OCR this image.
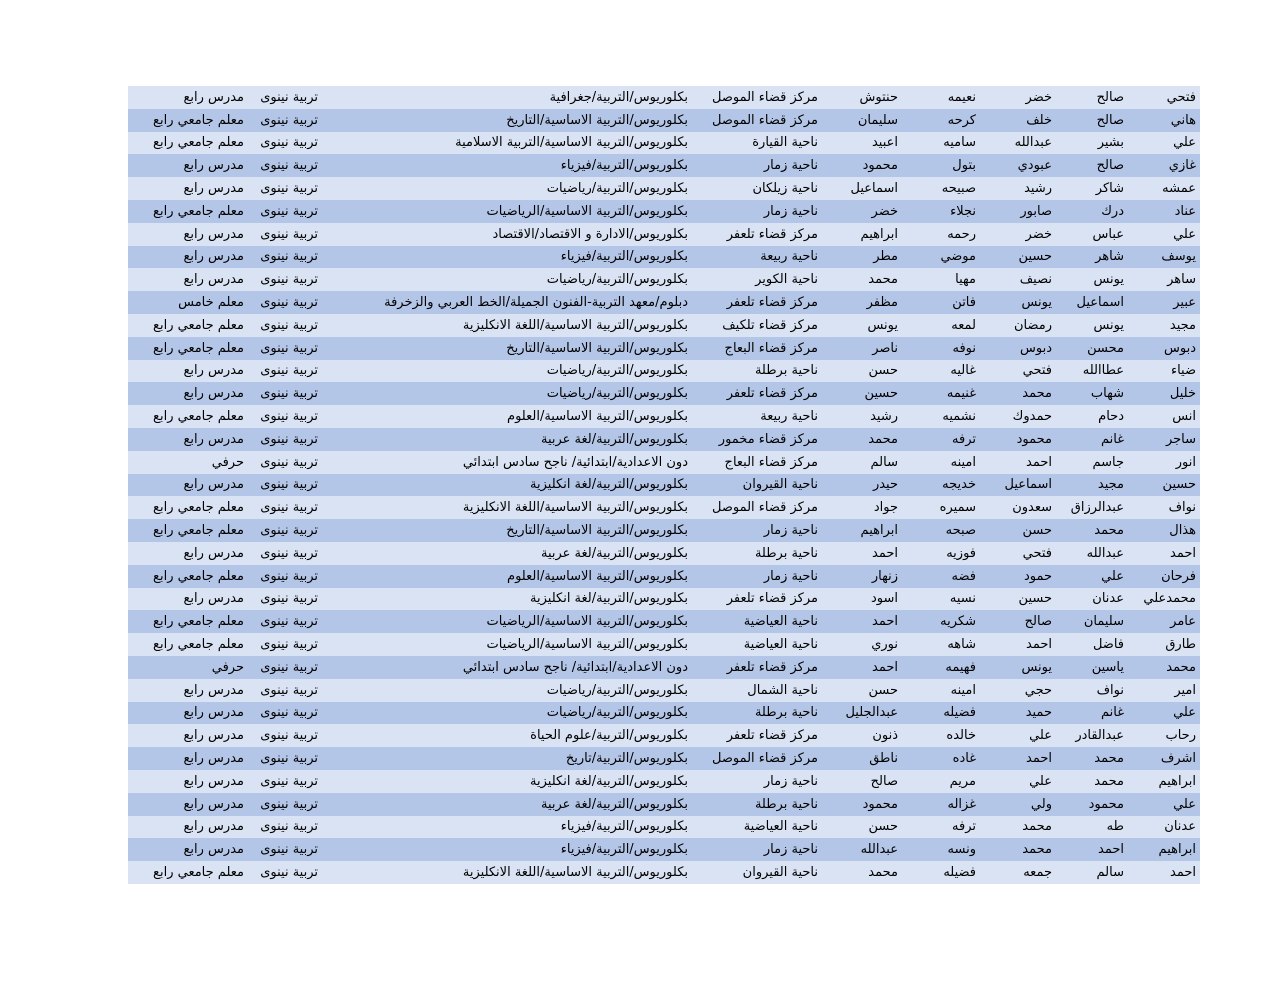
فتحي	صالح	خضر	نعيمه	حنتوش	مركز قضاء الموصل	بكلوريوس/التربية/جغرافية	تربية نينوى	مدرس رابع
هاني	صالح	خلف	كرحه	سليمان	مركز قضاء الموصل	بكلوريوس/التربية الاساسية/التاريخ	تربية نينوى	معلم جامعي رابع
علي	بشير	عبدالله	ساميه	اعبيد	ناحية القيارة	بكلوريوس/التربية الاساسية/التربية الاسلامية	تربية نينوى	معلم جامعي رابع
غازي	صالح	عبودي	بتول	محمود	ناحية زمار	بكلوريوس/التربية/فيزياء	تربية نينوى	مدرس رابع
عمشه	شاكر	رشيد	صبيحه	اسماعيل	ناحية زيلكان	بكلوريوس/التربية/رياضيات	تربية نينوى	مدرس رابع
عناد	درك	صابور	نجلاء	خضر	ناحية زمار	بكلوريوس/التربية الاساسية/الرياضيات	تربية نينوى	معلم جامعي رابع
علي	عباس	خضر	رحمه	ابراهيم	مركز قضاء تلعفر	بكلوريوس/الادارة و الاقتصاد/الاقتصاد	تربية نينوى	مدرس رابع
يوسف	شاهر	حسين	موضي	مطر	ناحية ربيعة	بكلوريوس/التربية/فيزياء	تربية نينوى	مدرس رابع
ساهر	يونس	نصيف	مهيا	محمد	ناحية الكوير	بكلوريوس/التربية/رياضيات	تربية نينوى	مدرس رابع
عبير	اسماعيل	يونس	فاتن	مظفر	مركز قضاء تلعفر	دبلوم/معهد التربية-الفنون الجميلة/الخط العربي والزخرفة	تربية نينوى	معلم خامس
مجيد	يونس	رمضان	لمعه	يونس	مركز قضاء تلكيف	بكلوريوس/التربية الاساسية/اللغة الانكليزية	تربية نينوى	معلم جامعي رابع
دبوس	محسن	دبوس	نوفه	ناصر	مركز قضاء البعاج	بكلوريوس/التربية الاساسية/التاريخ	تربية نينوى	معلم جامعي رابع
ضياء	عطاالله	فتحي	غاليه	حسن	ناحية برطلة	بكلوريوس/التربية/رياضيات	تربية نينوى	مدرس رابع
خليل	شهاب	محمد	غنيمه	حسين	مركز قضاء تلعفر	بكلوريوس/التربية/رياضيات	تربية نينوى	مدرس رابع
انس	دحام	حمدوك	نشميه	رشيد	ناحية ربيعة	بكلوريوس/التربية الاساسية/العلوم	تربية نينوى	معلم جامعي رابع
ساجر	غانم	محمود	ترفه	محمد	مركز قضاء مخمور	بكلوريوس/التربية/لغة عربية	تربية نينوى	مدرس رابع
انور	جاسم	احمد	امينه	سالم	مركز قضاء البعاج	دون الاعدادية/ابتدائية/ ناجح سادس ابتدائي	تربية نينوى	حرفي
حسين	مجيد	اسماعيل	خديجه	حيدر	ناحية القيروان	بكلوريوس/التربية/لغة انكليزية	تربية نينوى	مدرس رابع
نواف	عبدالرزاق	سعدون	سميره	جواد	مركز قضاء الموصل	بكلوريوس/التربية الاساسية/اللغة الانكليزية	تربية نينوى	معلم جامعي رابع
هذال	محمد	حسن	صبحه	ابراهيم	ناحية زمار	بكلوريوس/التربية الاساسية/التاريخ	تربية نينوى	معلم جامعي رابع
احمد	عبدالله	فتحي	فوزيه	احمد	ناحية برطلة	بكلوريوس/التربية/لغة عربية	تربية نينوى	مدرس رابع
فرحان	علي	حمود	فضه	زنهار	ناحية زمار	بكلوريوس/التربية الاساسية/العلوم	تربية نينوى	معلم جامعي رابع
محمدعلي	عدنان	حسين	نسيه	اسود	مركز قضاء تلعفر	بكلوريوس/التربية/لغة انكليزية	تربية نينوى	مدرس رابع
عامر	سليمان	صالح	شكريه	احمد	ناحية العياضية	بكلوريوس/التربية الاساسية/الرياضيات	تربية نينوى	معلم جامعي رابع
طارق	فاضل	احمد	شاهه	نوري	ناحية العياضية	بكلوريوس/التربية الاساسية/الرياضيات	تربية نينوى	معلم جامعي رابع
محمد	ياسين	يونس	فهيمه	احمد	مركز قضاء تلعفر	دون الاعدادية/ابتدائية/ ناجح سادس ابتدائي	تربية نينوى	حرفي
امير	نواف	حجي	امينه	حسن	ناحية الشمال	بكلوريوس/التربية/رياضيات	تربية نينوى	مدرس رابع
علي	غانم	حميد	فضيله	عبدالجليل	ناحية برطلة	بكلوريوس/التربية/رياضيات	تربية نينوى	مدرس رابع
رحاب	عبدالقادر	علي	خالده	ذنون	مركز قضاء تلعفر	بكلوريوس/التربية/علوم الحياة	تربية نينوى	مدرس رابع
اشرف	محمد	احمد	غاده	ناطق	مركز قضاء الموصل	بكلوريوس/التربية/تاريخ	تربية نينوى	مدرس رابع
ابراهيم	محمد	علي	مريم	صالح	ناحية زمار	بكلوريوس/التربية/لغة انكليزية	تربية نينوى	مدرس رابع
علي	محمود	ولي	غزاله	محمود	ناحية برطلة	بكلوريوس/التربية/لغة عربية	تربية نينوى	مدرس رابع
عدنان	طه	محمد	ترفه	حسن	ناحية العياضية	بكلوريوس/التربية/فيزياء	تربية نينوى	مدرس رابع
ابراهيم	احمد	محمد	ونسه	عبدالله	ناحية زمار	بكلوريوس/التربية/فيزياء	تربية نينوى	مدرس رابع
احمد	سالم	جمعه	فضيله	محمد	ناحية القيروان	بكلوريوس/التربية الاساسية/اللغة الانكليزية	تربية نينوى	معلم جامعي رابع
